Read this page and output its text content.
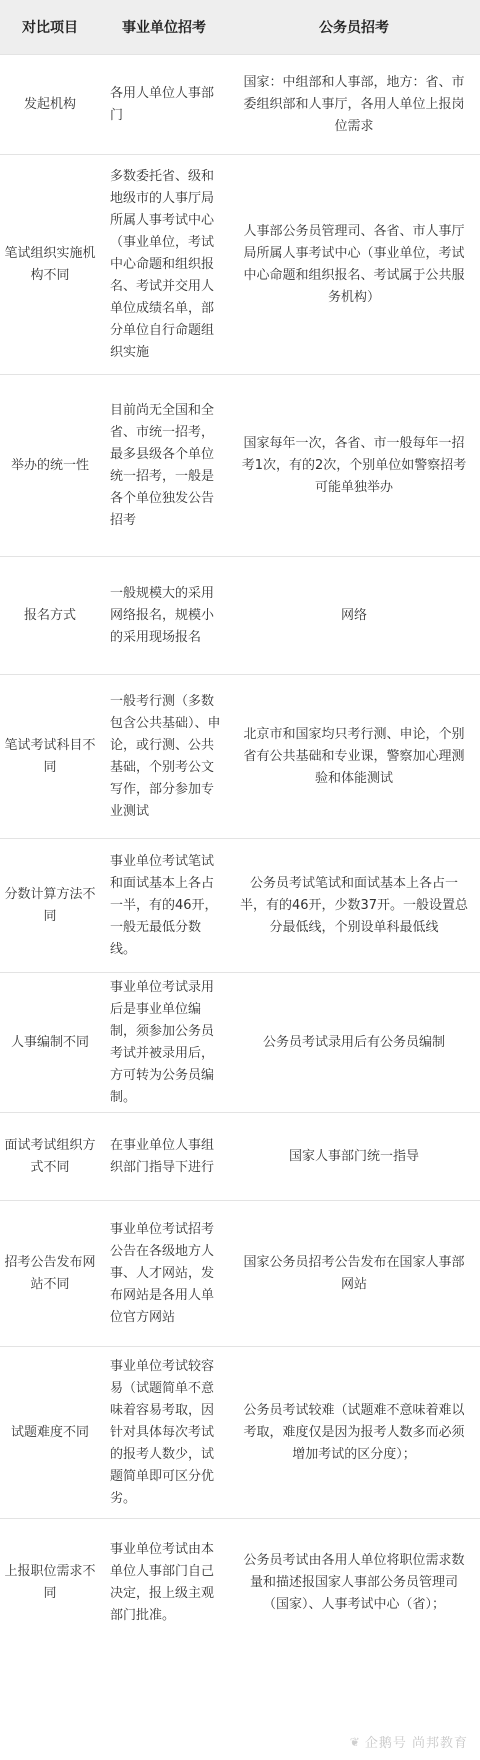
对比项目	事业单位招考	公务员招考
发起机构	各用人单位人事部门	国家：中组部和人事部，地方：省、市委组织部和人事厅，各用人单位上报岗位需求
笔试组织实施机构不同	多数委托省、级和地级市的人事厅局所属人事考试中心（事业单位，考试中心命题和组织报名、考试并交用人单位成绩名单，部分单位自行命题组织实施	人事部公务员管理司、各省、市人事厅局所属人事考试中心（事业单位，考试中心命题和组织报名、考试属于公共服务机构）
举办的统一性	目前尚无全国和全省、市统一招考，最多县级各个单位统一招考，一般是各个单位独发公告招考	国家每年一次，各省、市一般每年一招考1次，有的2次，个别单位如警察招考可能单独举办
报名方式	一般规模大的采用网络报名，规模小的采用现场报名	网络
笔试考试科目不同	一般考行测（多数包含公共基础）、申论，或行测、公共基础，个别考公文写作，部分参加专业测试	北京市和国家均只考行测、申论，个别省有公共基础和专业课，警察加心理测验和体能测试
分数计算方法不同	事业单位考试笔试和面试基本上各占一半，有的46开，一般无最低分数线。	公务员考试笔试和面试基本上各占一半，有的46开，少数37开。一般设置总分最低线，个别设单科最低线
人事编制不同	事业单位考试录用后是事业单位编制，须参加公务员考试并被录用后，方可转为公务员编制。	公务员考试录用后有公务员编制
面试考试组织方式不同	在事业单位人事组织部门指导下进行	国家人事部门统一指导
招考公告发布网站不同	事业单位考试招考公告在各级地方人事、人才网站，发布网站是各用人单位官方网站	国家公务员招考公告发布在国家人事部网站
试题难度不同	事业单位考试较容易（试题简单不意味着容易考取，因针对具体每次考试的报考人数少，试题简单即可区分优劣。	公务员考试较难（试题难不意味着难以考取，难度仅是因为报考人数多而必须增加考试的区分度）；
上报职位需求不同	事业单位考试由本单位人事部门自己决定，报上级主观部门批准。	公务员考试由各用人单位将职位需求数量和描述报国家人事部公务员管理司（国家）、人事考试中心（省）；
❦ 企鹅号 尚邦教育
